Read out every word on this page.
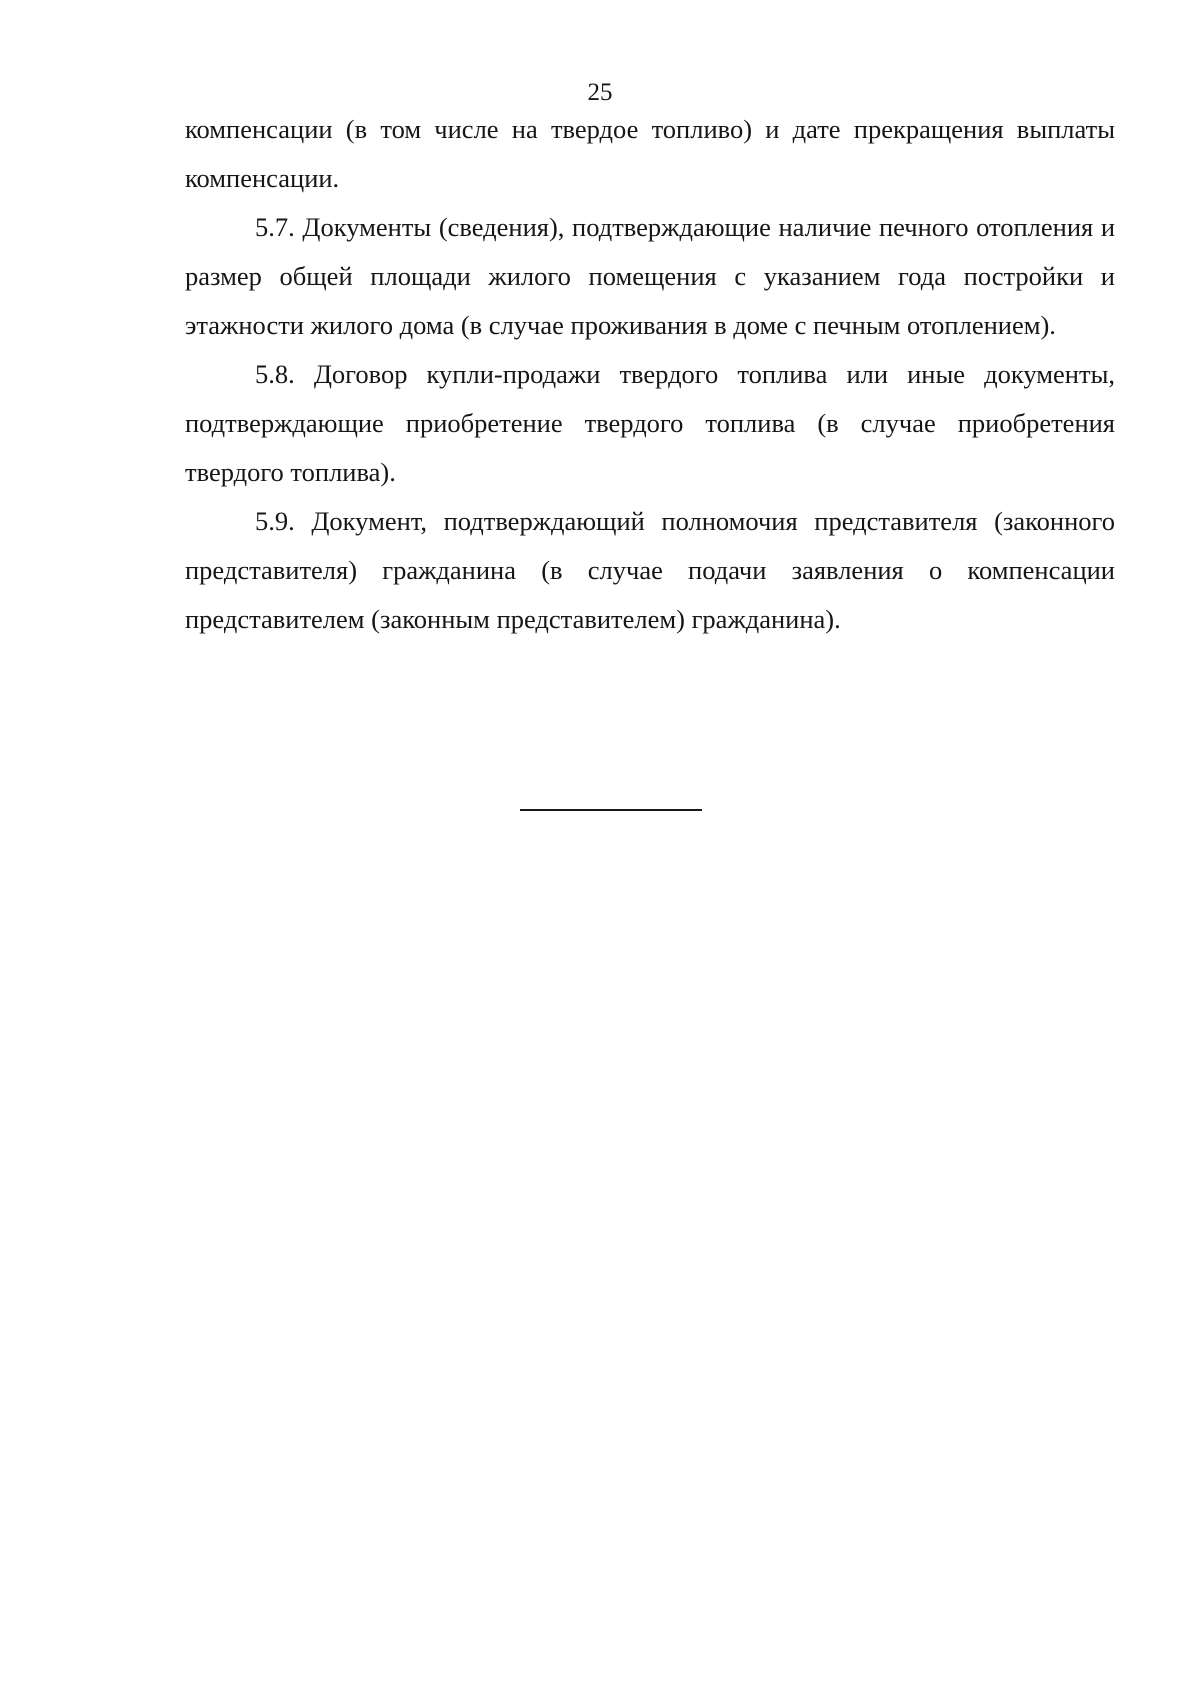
25

компенсации (в том числе на твердое топливо) и дате прекращения выплаты компенсации.

5.7. Документы (сведения), подтверждающие наличие печного отопления и размер общей площади жилого помещения с указанием года постройки и этажности жилого дома (в случае проживания в доме с печным отоплением).

5.8. Договор купли-продажи твердого топлива или иные документы, подтверждающие приобретение твердого топлива (в случае приобретения твердого топлива).

5.9. Документ, подтверждающий полномочия представителя (законного представителя) гражданина (в случае подачи заявления о компенсации представителем (законным представителем) гражданина).
